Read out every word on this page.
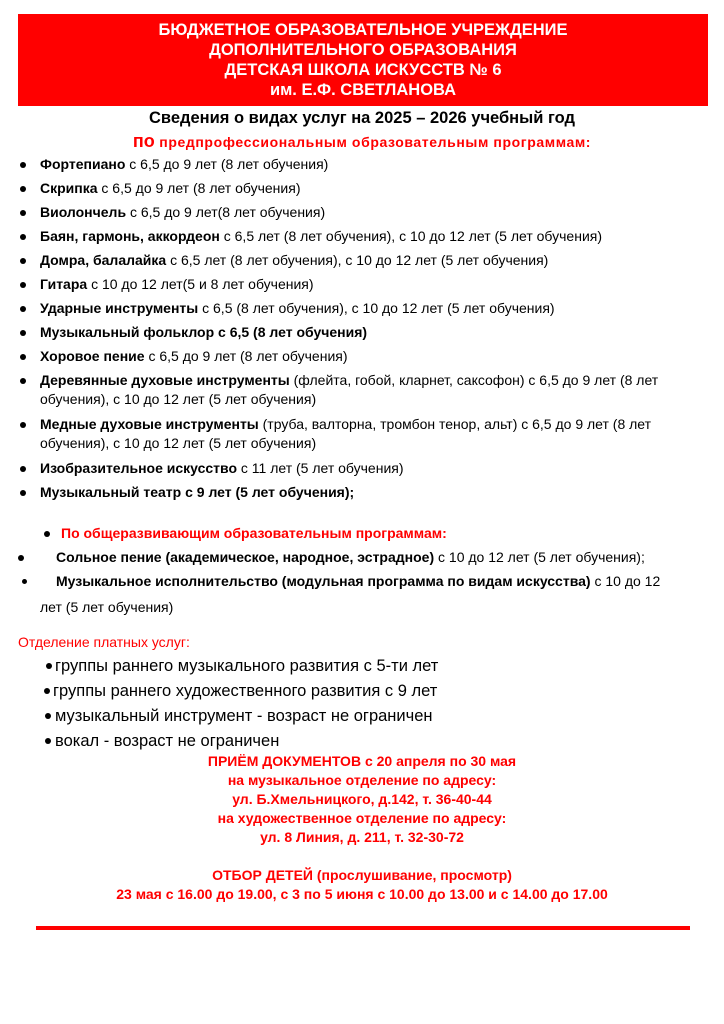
БЮДЖЕТНОЕ ОБРАЗОВАТЕЛЬНОЕ УЧРЕЖДЕНИЕ
ДОПОЛНИТЕЛЬНОГО ОБРАЗОВАНИЯ
ДЕТСКАЯ ШКОЛА ИСКУССТВ № 6
им. Е.Ф. СВЕТЛАНОВА
Сведения о видах услуг на 2025 – 2026 учебный год
по предпрофессиональным образовательным программам:
Фортепиано с 6,5 до 9 лет (8 лет обучения)
Скрипка с 6,5 до 9 лет (8 лет обучения)
Виолончель с 6,5 до 9 лет(8 лет обучения)
Баян, гармонь, аккордеон с 6,5 лет (8 лет обучения), с 10 до 12 лет (5 лет обучения)
Домра, балалайка с 6,5 лет (8 лет обучения), с 10 до 12 лет (5 лет обучения)
Гитара с 10 до 12 лет(5 и 8 лет обучения)
Ударные инструменты с 6,5 (8 лет обучения), с 10 до 12 лет (5 лет обучения)
Музыкальный фольклор с 6,5 (8 лет обучения)
Хоровое пение с 6,5 до 9 лет (8 лет обучения)
Деревянные духовые инструменты (флейта, гобой, кларнет, саксофон) с 6,5 до 9 лет (8 лет
обучения), с 10 до 12 лет (5 лет обучения)
Медные духовые инструменты (труба, валторна, тромбон тенор, альт) с 6,5 до 9 лет (8 лет
обучения), с 10 до 12 лет (5 лет обучения)
Изобразительное искусство с 11 лет (5 лет обучения)
Музыкальный театр с 9 лет (5 лет обучения);
По общеразвивающим образовательным программам:
Сольное пение (академическое, народное, эстрадное) с 10 до 12 лет (5 лет обучения);
Музыкальное исполнительство (модульная программа по видам искусства) с 10 до 12
лет (5 лет обучения)
Отделение платных услуг:
группы раннего музыкального развития с 5-ти лет
группы раннего художественного развития с 9 лет
музыкальный инструмент - возраст не ограничен
вокал - возраст не ограничен
ПРИЁМ ДОКУМЕНТОВ с 20 апреля по 30 мая
на музыкальное отделение по адресу:
ул. Б.Хмельницкого, д.142, т. 36-40-44
на художественное отделение по адресу:
ул. 8 Линия, д. 211, т. 32-30-72
ОТБОР ДЕТЕЙ (прослушивание, просмотр)
23 мая с 16.00 до 19.00, с 3 по 5 июня с 10.00 до 13.00 и с 14.00 до 17.00
